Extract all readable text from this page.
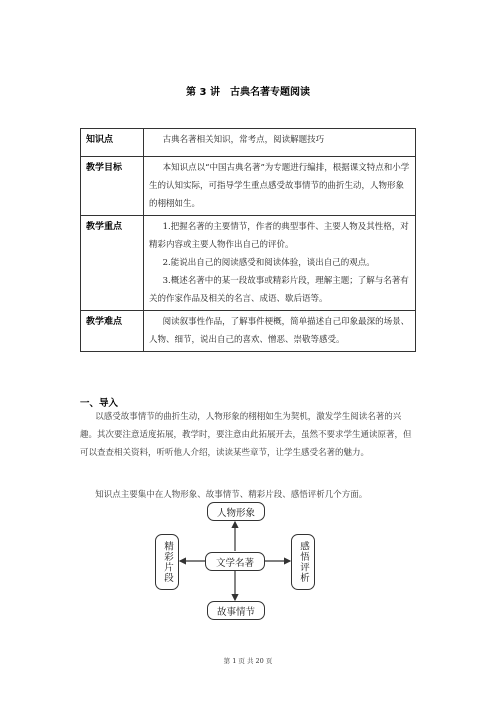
第 3 讲　古典名著专题阅读
知识点	古典名著相关知识，常考点，阅读解题技巧

教学目标	本知识点以“中国古典名著”为专题进行编排，根据课文特点和小学生的认知实际，可指导学生重点感受故事情节的曲折生动，人物形象的栩栩如生。

教学重点	1.把握名著的主要情节，作者的典型事件、主要人物及其性格，对精彩内容或主要人物作出自己的评价。
2.能说出自己的阅读感受和阅读体验，谈出自己的观点。
3.概述名著中的某一段故事或精彩片段，理解主题；了解与名著有关的作家作品及相关的名言、成语、歇后语等。

教学难点	阅读叙事性作品，了解事件梗概，简单描述自己印象最深的场景、人物、细节，说出自己的喜欢、憎恶、崇敬等感受。
一、导入
以感受故事情节的曲折生动，人物形象的栩栩如生为契机，激发学生阅读名著的兴趣。其次要注意适度拓展，教学时，要注意由此拓展开去，虽然不要求学生通读原著，但可以查查相关资料，听听他人介绍，读读某些章节，让学生感受名著的魅力。
知识点主要集中在人物形象、故事情节、精彩片段、感悟评析几个方面。
人物形象
文学名著
故事情节
精彩片段	感悟评析
第 1 页 共 20 页
